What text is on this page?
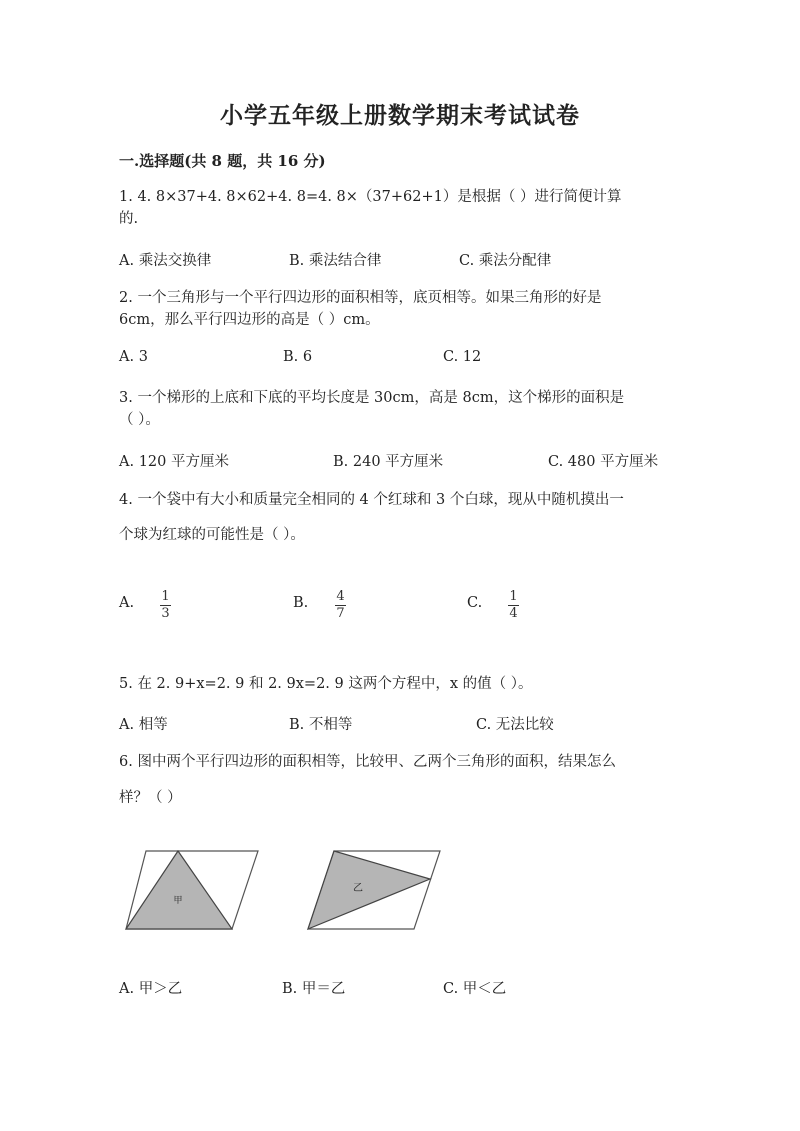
小学五年级上册数学期末考试试卷
一.选择题(共 8 题，共 16 分)
1. 4. 8×37+4. 8×62+4. 8=4. 8×（37+62+1）是根据（ ）进行简便计算
的.
A. 乘法交换律	B. 乘法结合律	C. 乘法分配律
2. 一个三角形与一个平行四边形的面积相等，底页相等。如果三角形的好是
6cm，那么平行四边形的高是（ ）cm。
A. 3	B. 6	C. 12
3. 一个梯形的上底和下底的平均长度是 30cm，高是 8cm，这个梯形的面积是
（ ）。
A. 120 平方厘米	B. 240 平方厘米	C. 480 平方厘米
4. 一个袋中有大小和质量完全相同的 4 个红球和 3 个白球，现从中随机摸出一
个球为红球的可能性是（ ）。
A. 1
3
B. 4
7
C. 1
4
5. 在 2. 9+x=2. 9 和 2. 9x=2. 9 这两个方程中，x 的值（ ）。
A. 相等	B. 不相等	C. 无法比较
6. 图中两个平行四边形的面积相等，比较甲、乙两个三角形的面积，结果怎么
样？（ ）
甲
乙
A. 甲＞乙	B. 甲＝乙	C. 甲＜乙
